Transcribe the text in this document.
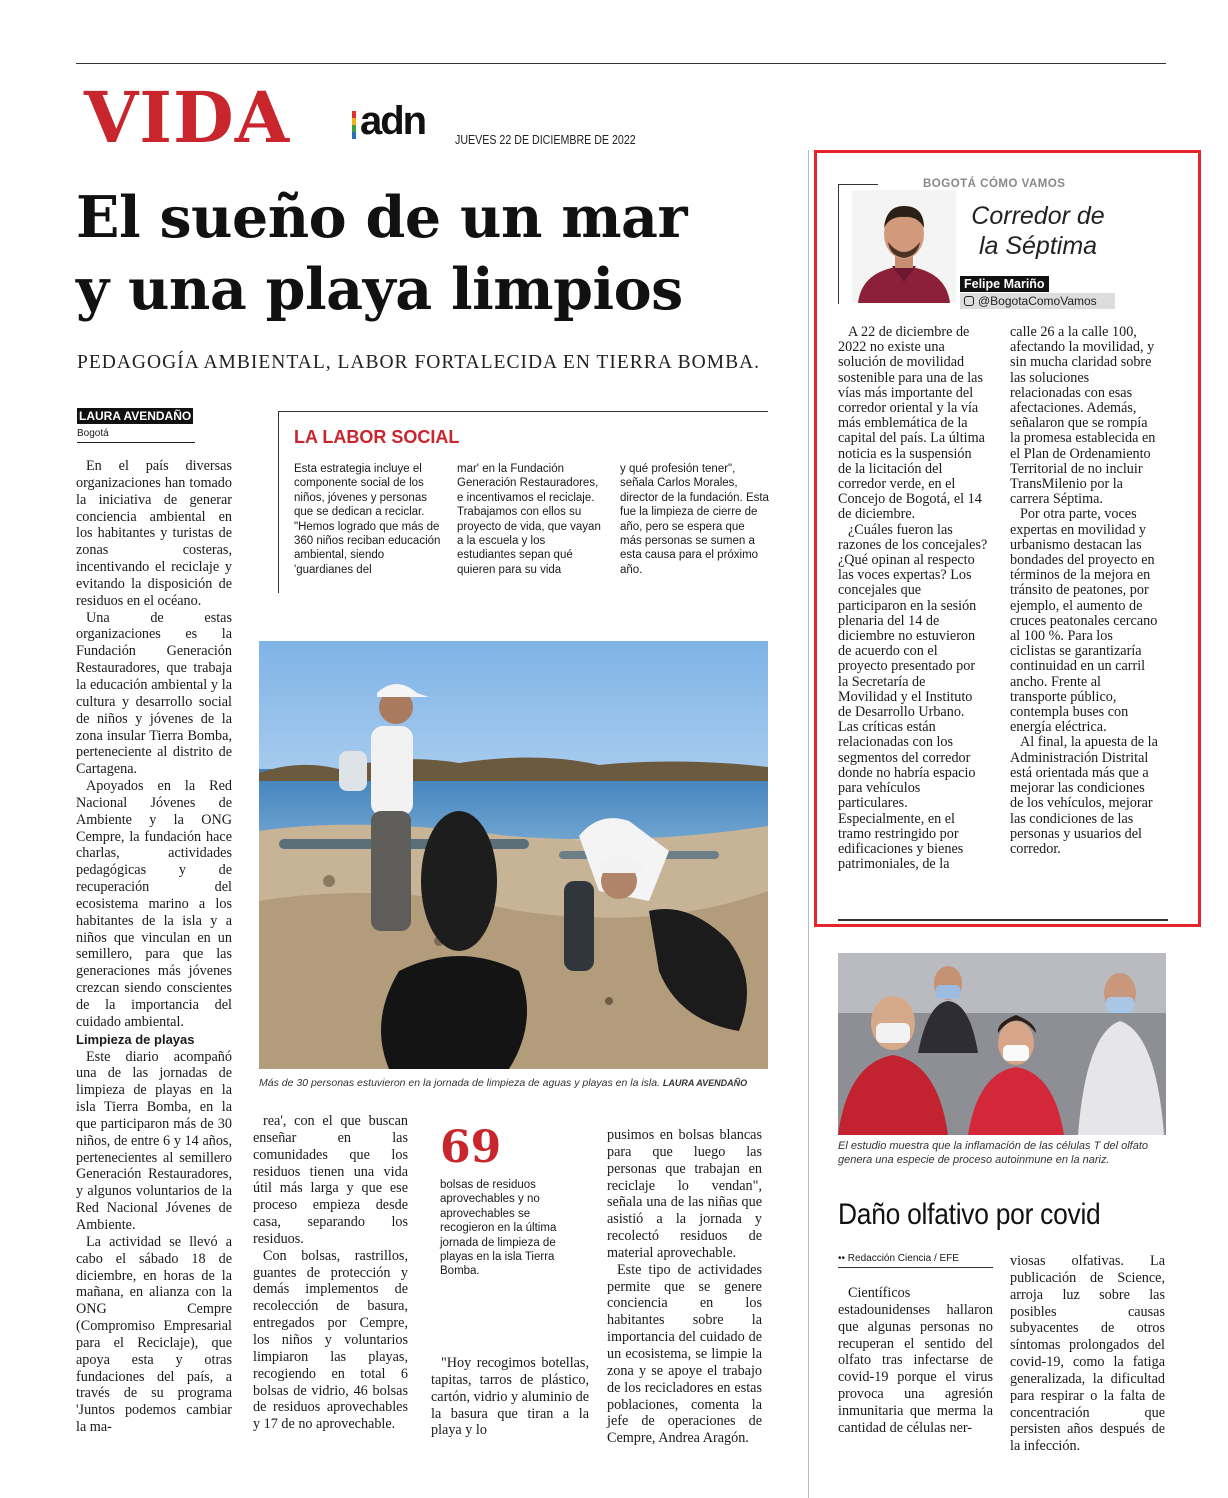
VIDA adn JUEVES 22 DE DICIEMBRE DE 2022
El sueño de un mar
y una playa limpios
PEDAGOGÍA AMBIENTAL, LABOR FORTALECIDA EN TIERRA BOMBA.
LAURA AVENDAÑO
Bogotá

En el país diversas organizaciones han tomado la iniciativa de generar conciencia ambiental en los habitantes y turistas de zonas costeras, incentivando el reciclaje y evitando la disposición de residuos en el océano.

Una de estas organizaciones es la Fundación Generación Restauradores, que trabaja la educación ambiental y la cultura y desarrollo social de niños y jóvenes de la zona insular Tierra Bomba, perteneciente al distrito de Cartagena.

Apoyados en la Red Nacional Jóvenes de Ambiente y la ONG Cempre, la fundación hace charlas, actividades pedagógicas y de recuperación del ecosistema marino a los habitantes de la isla y a niños que vinculan en un semillero, para que las generaciones más jóvenes crezcan siendo conscientes de la importancia del cuidado ambiental.

Limpieza de playas

Este diario acompañó una de las jornadas de limpieza de playas en la isla Tierra Bomba, en la que participaron más de 30 niños, de entre 6 y 14 años, pertenecientes al semillero Generación Restauradores, y algunos voluntarios de la Red Nacional Jóvenes de Ambiente.

La actividad se llevó a cabo el sábado 18 de diciembre, en horas de la mañana, en alianza con la ONG Cempre (Compromiso Empresarial para el Reciclaje), que apoya esta y otras fundaciones del país, a través de su programa 'Juntos podemos cambiar la ma-

LA LABOR SOCIAL
Esta estrategia incluye el componente social de los niños, jóvenes y personas que se dedican a reciclar. "Hemos logrado que más de 360 niños reciban educación ambiental, siendo 'guardianes del
mar' en la Fundación Generación Restauradores, e incentivamos el reciclaje. Trabajamos con ellos su proyecto de vida, que vayan a la escuela y los estudiantes sepan qué quieren para su vida
y qué profesión tener", señala Carlos Morales, director de la fundación. Esta fue la limpieza de cierre de año, pero se espera que más personas se sumen a esta causa para el próximo año.
Más de 30 personas estuvieron en la jornada de limpieza de aguas y playas en la isla. LAURA AVENDAÑO

rea', con el que buscan enseñar en las comunidades que los residuos tienen una vida útil más larga y que ese proceso empieza desde casa, separando los residuos.

Con bolsas, rastrillos, guantes de protección y demás implementos de recolección de basura, entregados por Cempre, los niños y voluntarios limpiaron las playas, recogiendo en total 6 bolsas de vidrio, 46 bolsas de residuos aprovechables y 17 de no aprovechable.

69
bolsas de residuos aprovechables y no aprovechables se recogieron en la última jornada de limpieza de playas en la isla Tierra Bomba.
"Hoy recogimos botellas, tapitas, tarros de plástico, cartón, vidrio y aluminio de la basura que tiran a la playa y lo

pusimos en bolsas blancas para que luego las personas que trabajan en reciclaje lo vendan", señala una de las niñas que asistió a la jornada y recolectó residuos de material aprovechable.

Este tipo de actividades permite que se genere conciencia en los habitantes sobre la importancia del cuidado de un ecosistema, se limpie la zona y se apoye el trabajo de los recicladores en estas poblaciones, comenta la jefe de operaciones de Cempre, Andrea Aragón.

BOGOTÁ CÓMO VAMOS
Corredor de
la Séptima
Felipe Mariño
@BogotaComoVamos

A 22 de diciembre de 2022 no existe una solución de movilidad sostenible para una de las vías más importante del corredor oriental y la vía más emblemática de la capital del país. La última noticia es la suspensión de la licitación del corredor verde, en el Concejo de Bogotá, el 14 de diciembre.

¿Cuáles fueron las razones de los concejales? ¿Qué opinan al respecto las voces expertas? Los concejales que participaron en la sesión plenaria del 14 de diciembre no estuvieron de acuerdo con el proyecto presentado por la Secretaría de Movilidad y el Instituto de Desarrollo Urbano. Las críticas están relacionadas con los segmentos del corredor donde no habría espacio para vehículos particulares. Especialmente, en el tramo restringido por edificaciones y bienes patrimoniales, de la

calle 26 a la calle 100, afectando la movilidad, y sin mucha claridad sobre las soluciones relacionadas con esas afectaciones. Además, señalaron que se rompía la promesa establecida en el Plan de Ordenamiento Territorial de no incluir TransMilenio por la carrera Séptima.

Por otra parte, voces expertas en movilidad y urbanismo destacan las bondades del proyecto en términos de la mejora en tránsito de peatones, por ejemplo, el aumento de cruces peatonales cercano al 100 %. Para los ciclistas se garantizaría continuidad en un carril ancho. Frente al transporte público, contempla buses con energía eléctrica.

Al final, la apuesta de la Administración Distrital está orientada más que a mejorar las condiciones de los vehículos, mejorar las condiciones de las personas y usuarios del corredor.

El estudio muestra que la inflamación de las células T del olfato genera una especie de proceso autoinmune en la nariz.
Daño olfativo por covid
•• Redacción Ciencia / EFE

Científicos estadounidenses hallaron que algunas personas no recuperan el sentido del olfato tras infectarse de covid-19 porque el virus provoca una agresión inmunitaria que merma la cantidad de células ner-

viosas olfativas. La publicación de Science, arroja luz sobre las posibles causas subyacentes de otros síntomas prolongados del covid-19, como la fatiga generalizada, la dificultad para respirar o la falta de concentración que persisten años después de la infección.
